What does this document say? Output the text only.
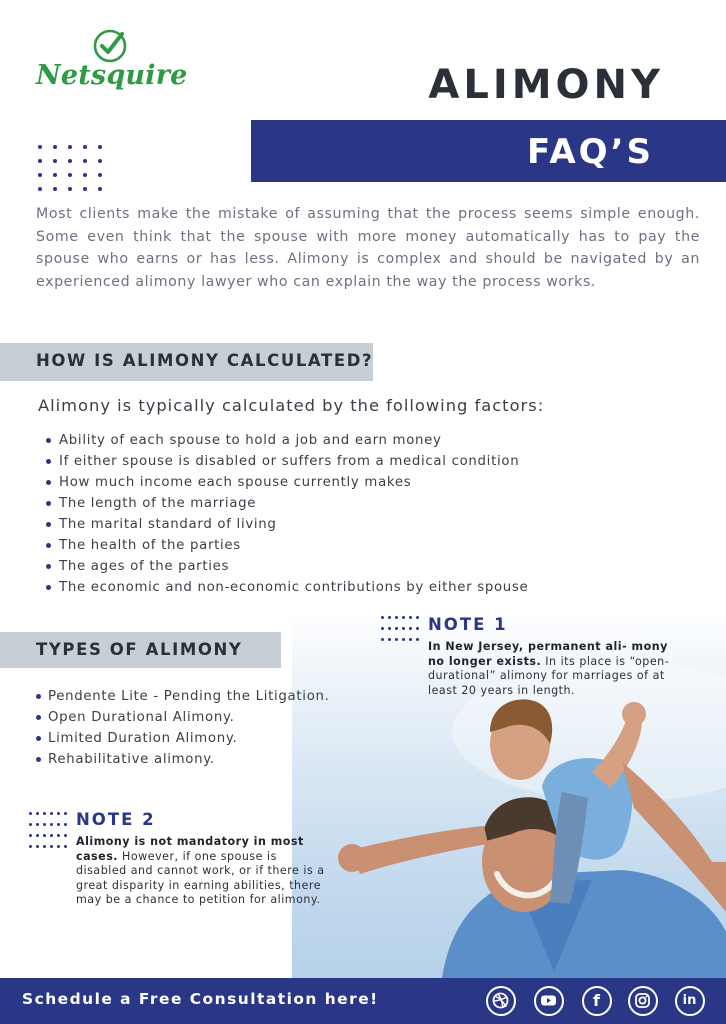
Netsquire	ALIMONY
FAQ’S

Most clients make the mistake of assuming that the process seems simple enough. Some even think that the spouse with more money automatically has to pay the spouse who earns or has less. Alimony is complex and should be navigated by an experienced alimony lawyer who can explain the way the process works.

HOW IS ALIMONY CALCULATED?

Alimony is typically calculated by the following factors:

Ability of each spouse to hold a job and earn money
If either spouse is disabled or suffers from a medical condition
How much income each spouse currently makes
The length of the marriage
The marital standard of living
The health of the parties
The ages of the parties
The economic and non-economic contributions by either spouse
NOTE 1

In New Jersey, permanent ali- mony no longer exists. In its place is “open-durational” alimony for marriages of at least 20 years in length.

TYPES OF ALIMONY
Pendente Lite - Pending the Litigation.
Open Durational Alimony.
Limited Duration Alimony.
Rehabilitative alimony.
NOTE 2

Alimony is not mandatory in most cases. However, if one spouse is disabled and cannot work, or if there is a great disparity in earning abilities, there may be a chance to petition for alimony.

Schedule a Free Consultation here!	f	in
